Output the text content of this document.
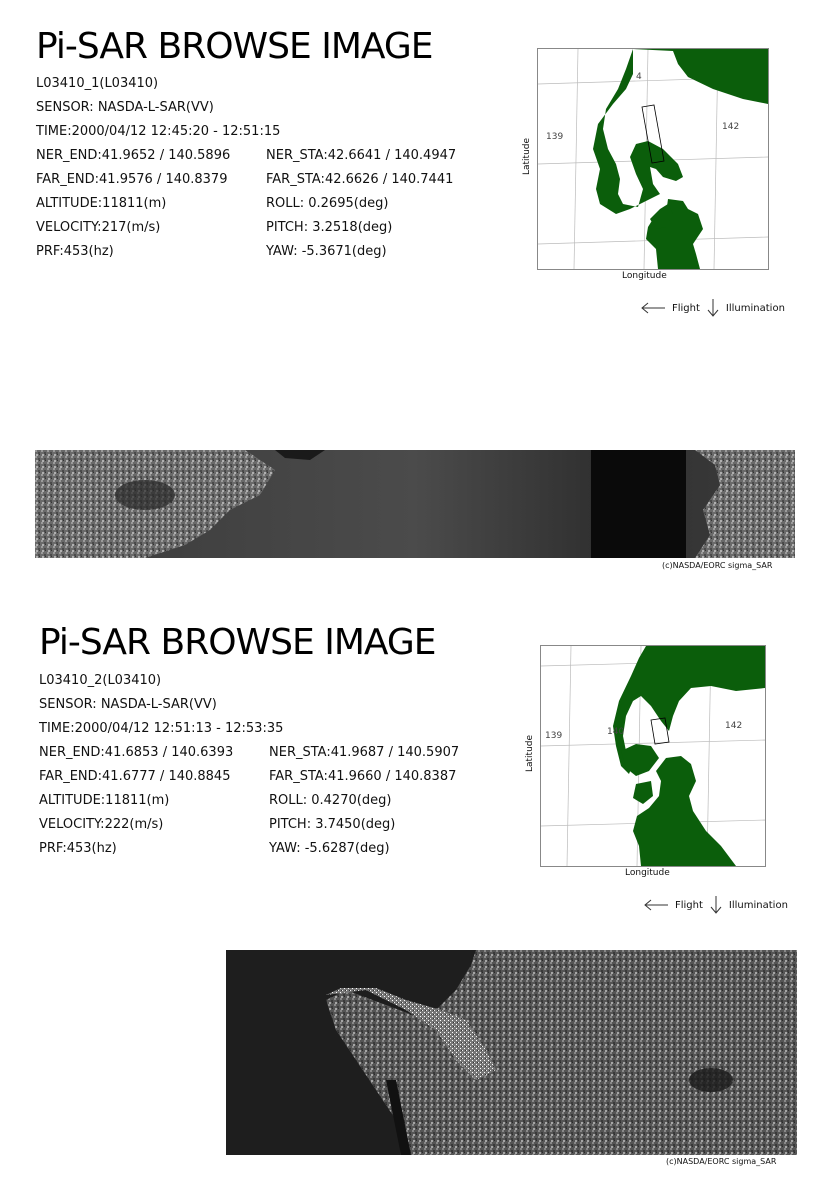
Pi-SAR BROWSE IMAGE
L03410_1(L03410)
SENSOR: NASDA-L-SAR(VV)
TIME:2000/04/12 12:45:20 - 12:51:15
NER_END:41.9652 / 140.5896	NER_STA:42.6641 / 140.4947
FAR_END:41.9576 / 140.8379	FAR_STA:42.6626 / 140.7441
ALTITUDE:11811(m)	ROLL: 0.2695(deg)
VELOCITY:217(m/s)	PITCH: 3.2518(deg)
PRF:453(hz)	YAW: -5.3671(deg)
139
4
142
Latitude
Longitude
Flight	Illumination
(c)NASDA/EORC sigma_SAR
Pi-SAR BROWSE IMAGE
L03410_2(L03410)
SENSOR: NASDA-L-SAR(VV)
TIME:2000/04/12 12:51:13 - 12:53:35
NER_END:41.6853 / 140.6393	NER_STA:41.9687 / 140.5907
FAR_END:41.6777 / 140.8845	FAR_STA:41.9660 / 140.8387
ALTITUDE:11811(m)	ROLL: 0.4270(deg)
VELOCITY:222(m/s)	PITCH: 3.7450(deg)
PRF:453(hz)	YAW: -5.6287(deg)
139	140
142
Latitude
Longitude
Flight	Illumination
(c)NASDA/EORC sigma_SAR
